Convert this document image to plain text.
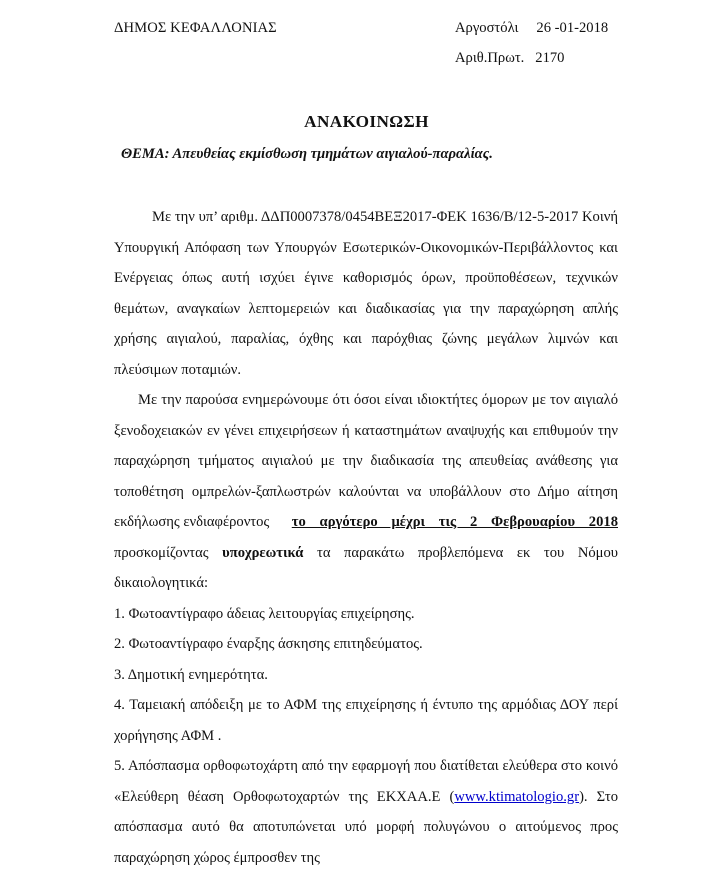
ΔΗΜΟΣ ΚΕΦΑΛΛΟΝΙΑΣ	Αργοστόλι 26 -01-2018
Αριθ.Πρωτ. 2170
ΑΝΑΚΟΙΝΩΣΗ
ΘΕΜΑ: Απευθείας εκμίσθωση τμημάτων αιγιαλού-παραλίας.

Με την υπ’ αριθμ. ΔΔΠ0007378/0454ΒΕΞ2017-ΦΕΚ 1636/Β/12-5-2017 Κοινή Υπουργική Απόφαση των Υπουργών Εσωτερικών-Οικονομικών-Περιβάλλοντος και Ενέργειας όπως αυτή ισχύει έγινε καθορισμός όρων, προϋποθέσεων, τεχνικών θεμάτων, αναγκαίων λεπτομερειών και διαδικασίας για την παραχώρηση απλής χρήσης αιγιαλού, παραλίας, όχθης και παρόχθιας ζώνης μεγάλων λιμνών και πλεύσιμων ποταμιών.

Με την παρούσα ενημερώνουμε ότι όσοι είναι ιδιοκτήτες όμορων με τον αιγιαλό ξενοδοχειακών εν γένει επιχειρήσεων ή καταστημάτων αναψυχής και επιθυμούν την παραχώρηση τμήματος αιγιαλού με την διαδικασία της απευθείας ανάθεσης για τοποθέτηση ομπρελών-ξαπλωστρών καλούνται να υποβάλλουν στο Δήμο αίτηση εκδήλωσης ενδιαφέροντος το αργότερο μέχρι τις 2 Φεβρουαρίου 2018 προσκομίζοντας υποχρεωτικά τα παρακάτω προβλεπόμενα εκ του Νόμου δικαιολογητικά:

1. Φωτοαντίγραφο άδειας λειτουργίας επιχείρησης.

2. Φωτοαντίγραφο έναρξης άσκησης επιτηδεύματος.

3. Δημοτική ενημερότητα.

4. Ταμειακή απόδειξη με το ΑΦΜ της επιχείρησης ή έντυπο της αρμόδιας ΔΟΥ περί χορήγησης ΑΦΜ .

5. Απόσπασμα ορθοφωτοχάρτη από την εφαρμογή που διατίθεται ελεύθερα στο κοινό «Ελεύθερη θέαση Ορθοφωτοχαρτών της ΕΚΧΑΑ.Ε (www.ktimatologio.gr). Στο απόσπασμα αυτό θα αποτυπώνεται υπό μορφή πολυγώνου ο αιτούμενος προς παραχώρηση χώρος έμπροσθεν της
